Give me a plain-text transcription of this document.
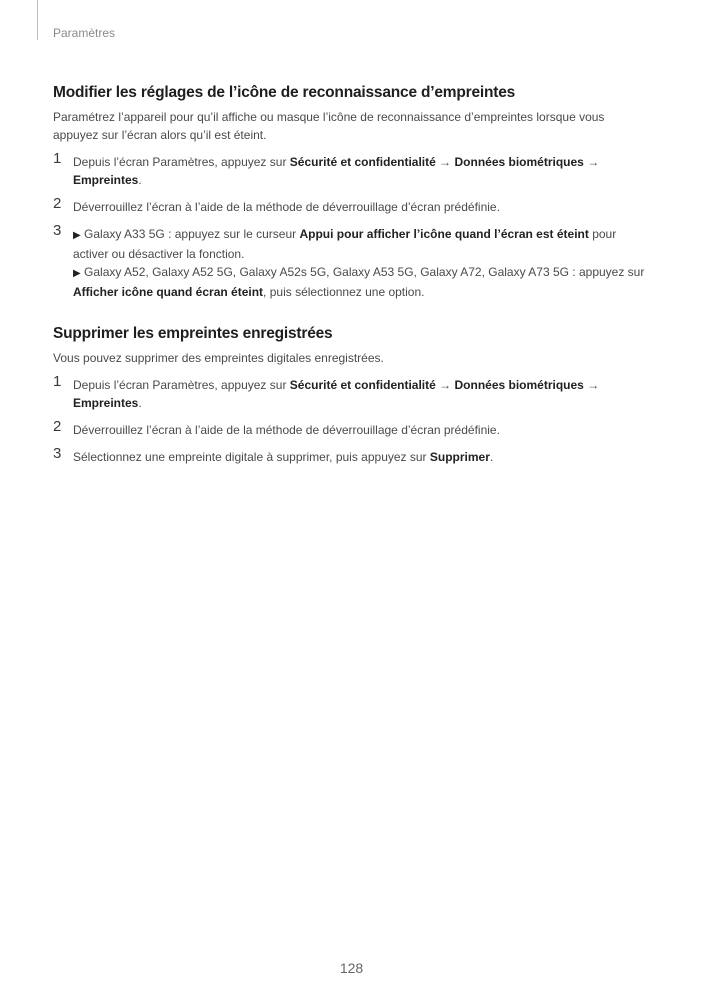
Paramètres
Modifier les réglages de l’icône de reconnaissance d’empreintes

Paramétrez l’appareil pour qu’il affiche ou masque l’icône de reconnaissance d’empreintes lorsque vous appuyez sur l’écran alors qu’il est éteint.

1 Depuis l’écran Paramètres, appuyez sur Sécurité et confidentialité → Données biométriques → Empreintes.
2 Déverrouillez l’écran à l’aide de la méthode de déverrouillage d’écran prédéfinie.
3 ▶ Galaxy A33 5G : appuyez sur le curseur Appui pour afficher l’icône quand l’écran est éteint pour activer ou désactiver la fonction.
▶ Galaxy A52, Galaxy A52 5G, Galaxy A52s 5G, Galaxy A53 5G, Galaxy A72, Galaxy A73 5G : appuyez sur Afficher icône quand écran éteint, puis sélectionnez une option.
Supprimer les empreintes enregistrées

Vous pouvez supprimer des empreintes digitales enregistrées.

1 Depuis l’écran Paramètres, appuyez sur Sécurité et confidentialité → Données biométriques → Empreintes.
2 Déverrouillez l’écran à l’aide de la méthode de déverrouillage d’écran prédéfinie.
3 Sélectionnez une empreinte digitale à supprimer, puis appuyez sur Supprimer.
128
